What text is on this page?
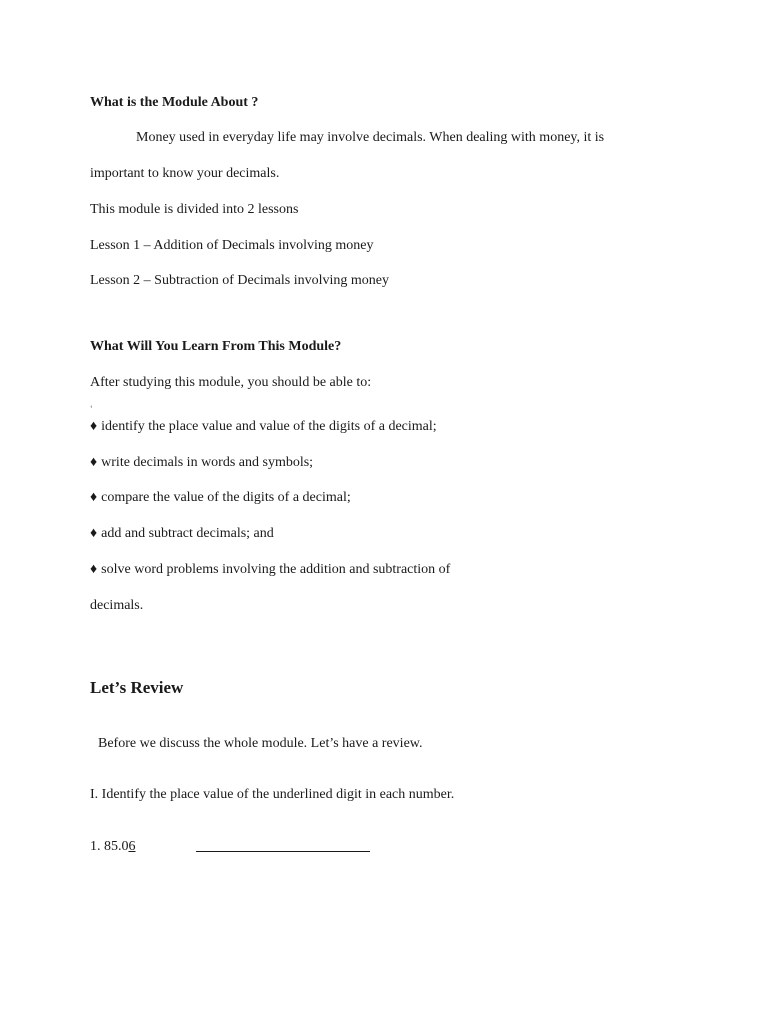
What is the Module About ?
Money used in everyday life may involve decimals. When dealing with money, it is
important to know your decimals.
This module is divided into 2 lessons
Lesson 1 – Addition of Decimals involving money
Lesson 2 – Subtraction of Decimals involving money
What Will You Learn From This Module?
After studying this module, you should be able to:
‘
♦ identify the place value and value of the digits of a decimal;
♦ write decimals in words and symbols;
♦ compare the value of the digits of a decimal;
♦ add and subtract decimals; and
♦ solve word problems involving the addition and subtraction of
decimals.
Let’s Review
Before we discuss the whole module. Let’s have a review.
I. Identify the place value of the underlined digit in each number.
1. 85.06
